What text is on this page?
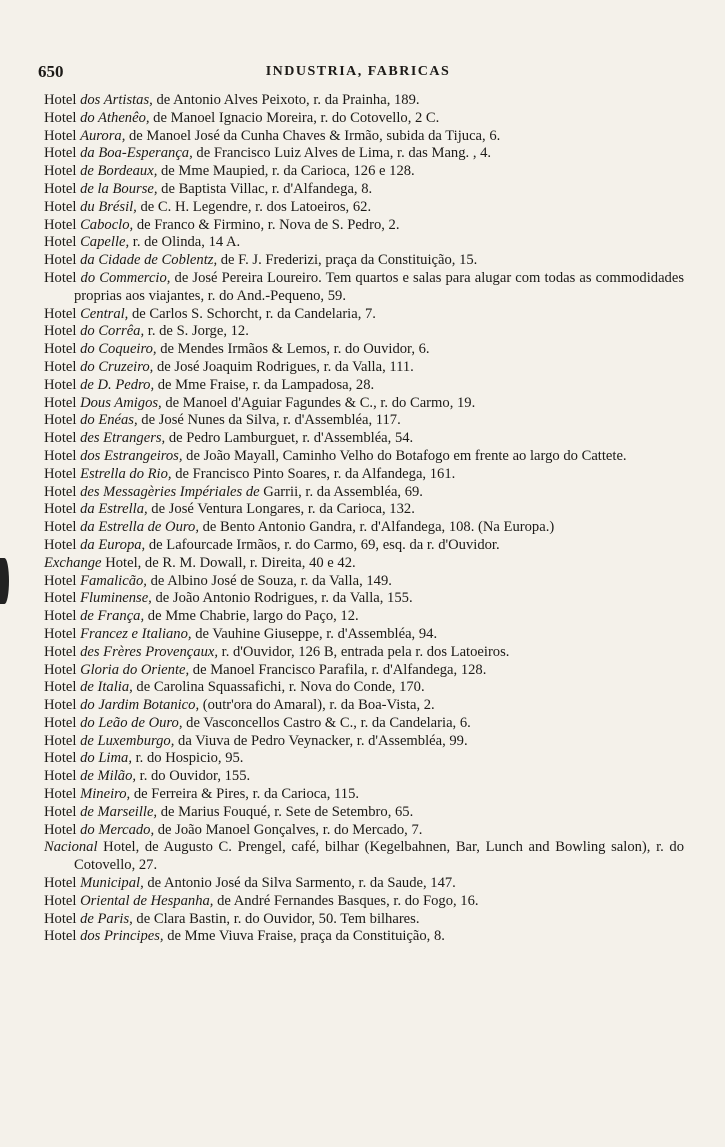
650	INDUSTRIA, FABRICAS

Hotel dos Artistas, de Antonio Alves Peixoto, r. da Prainha, 189.

Hotel do Athenêo, de Manoel Ignacio Moreira, r. do Cotovello, 2 C.

Hotel Aurora, de Manoel José da Cunha Chaves & Irmão, subida da Tijuca, 6.

Hotel da Boa-Esperança, de Francisco Luiz Alves de Lima, r. das Mang. , 4.

Hotel de Bordeaux, de Mme Maupied, r. da Carioca, 126 e 128.

Hotel de la Bourse, de Baptista Villac, r. d'Alfandega, 8.

Hotel du Brésil, de C. H. Legendre, r. dos Latoeiros, 62.

Hotel Caboclo, de Franco & Firmino, r. Nova de S. Pedro, 2.

Hotel Capelle, r. de Olinda, 14 A.

Hotel da Cidade de Coblentz, de F. J. Frederizi, praça da Constituição, 15.

Hotel do Commercio, de José Pereira Loureiro. Tem quartos e salas para alugar com todas as commodidades proprias aos viajantes, r. do And.-Pequeno, 59.

Hotel Central, de Carlos S. Schorcht, r. da Candelaria, 7.

Hotel do Corrêa, r. de S. Jorge, 12.

Hotel do Coqueiro, de Mendes Irmãos & Lemos, r. do Ouvidor, 6.

Hotel do Cruzeiro, de José Joaquim Rodrigues, r. da Valla, 111.

Hotel de D. Pedro, de Mme Fraise, r. da Lampadosa, 28.

Hotel Dous Amigos, de Manoel d'Aguiar Fagundes & C., r. do Carmo, 19.

Hotel do Enéas, de José Nunes da Silva, r. d'Assembléa, 117.

Hotel des Etrangers, de Pedro Lamburguet, r. d'Assembléa, 54.

Hotel dos Estrangeiros, de João Mayall, Caminho Velho do Botafogo em frente ao largo do Cattete.

Hotel Estrella do Rio, de Francisco Pinto Soares, r. da Alfandega, 161.

Hotel des Messagèries Impériales de Garrii, r. da Assembléa, 69.

Hotel da Estrella, de José Ventura Longares, r. da Carioca, 132.

Hotel da Estrella de Ouro, de Bento Antonio Gandra, r. d'Alfandega, 108. (Na Europa.)

Hotel da Europa, de Lafourcade Irmãos, r. do Carmo, 69, esq. da r. d'Ouvidor.

Exchange Hotel, de R. M. Dowall, r. Direita, 40 e 42.

Hotel Famalicão, de Albino José de Souza, r. da Valla, 149.

Hotel Fluminense, de João Antonio Rodrigues, r. da Valla, 155.

Hotel de França, de Mme Chabrie, largo do Paço, 12.

Hotel Francez e Italiano, de Vauhine Giuseppe, r. d'Assembléa, 94.

Hotel des Frères Provençaux, r. d'Ouvidor, 126 B, entrada pela r. dos Latoeiros.

Hotel Gloria do Oriente, de Manoel Francisco Parafila, r. d'Alfandega, 128.

Hotel de Italia, de Carolina Squassafichi, r. Nova do Conde, 170.

Hotel do Jardim Botanico, (outr'ora do Amaral), r. da Boa-Vista, 2.

Hotel do Leão de Ouro, de Vasconcellos Castro & C., r. da Candelaria, 6.

Hotel de Luxemburgo, da Viuva de Pedro Veynacker, r. d'Assembléa, 99.

Hotel do Lima, r. do Hospicio, 95.

Hotel de Milão, r. do Ouvidor, 155.

Hotel Mineiro, de Ferreira & Pires, r. da Carioca, 115.

Hotel de Marseille, de Marius Fouqué, r. Sete de Setembro, 65.

Hotel do Mercado, de João Manoel Gonçalves, r. do Mercado, 7.

Nacional Hotel, de Augusto C. Prengel, café, bilhar (Kegelbahnen, Bar, Lunch and Bowling salon), r. do Cotovello, 27.

Hotel Municipal, de Antonio José da Silva Sarmento, r. da Saude, 147.

Hotel Oriental de Hespanha, de André Fernandes Basques, r. do Fogo, 16.

Hotel de Paris, de Clara Bastin, r. do Ouvidor, 50. Tem bilhares.

Hotel dos Principes, de Mme Viuva Fraise, praça da Constituição, 8.
